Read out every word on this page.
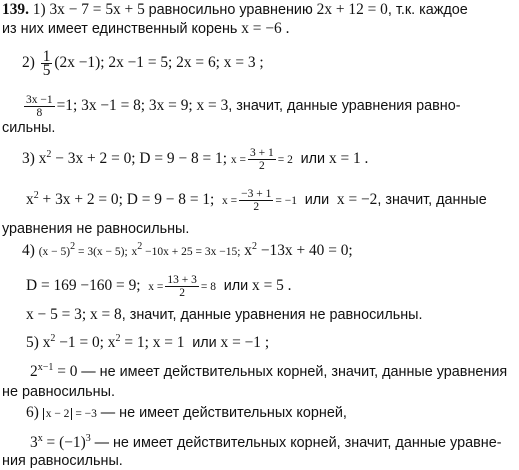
139. 1) 3x − 7 = 5x + 5 равносильно уравнению 2x + 12 = 0, т.к. каждое
из них имеет единственный корень x = −6 .
$2) \frac{1}{5} (2x -1)$; 2x −1 = 5; 2x = 6; x = 3 ;
$\frac{3x -1}{8} =1$; 3x −1 = 8; 3x = 9; x = 3, значит, данные уравнения равно-
сильны.
3) $x^2 - 3x + 2 = 0$; D = 9 − 8 = 1; $x = \frac{3 + 1}{2} = 2$ или x = 1 .
$x^2 + 3x + 2 = 0$; D = 9 − 8 = 1; $x = \frac{-3 + 1}{2} = -1$ или x = −2, значит, данные
уравнения не равносильны.
4) $(x - 5)^2 = 3(x - 5)$; $x^2 -10x + 25 = 3x -15$; $x^2 -13x + 40 = 0$;
D = 169 −160 = 9; $x = \frac{13 + 3}{2} = 8$ или x = 5 .
x − 5 = 3; x = 8, значит, данные уравнения не равносильны.
5) $x^2 -1 = 0$; $x^2 = 1$; x = 1 или x = −1 ;
$2^{x-1} = 0$ — не имеет действительных корней, значит, данные уравнения
не равносильны.
6) x − 2 = −3 — не имеет действительных корней,
$3^x = (-1)^3$ — не имеет действительных корней, значит, данные уравне-
ния равносильны.
